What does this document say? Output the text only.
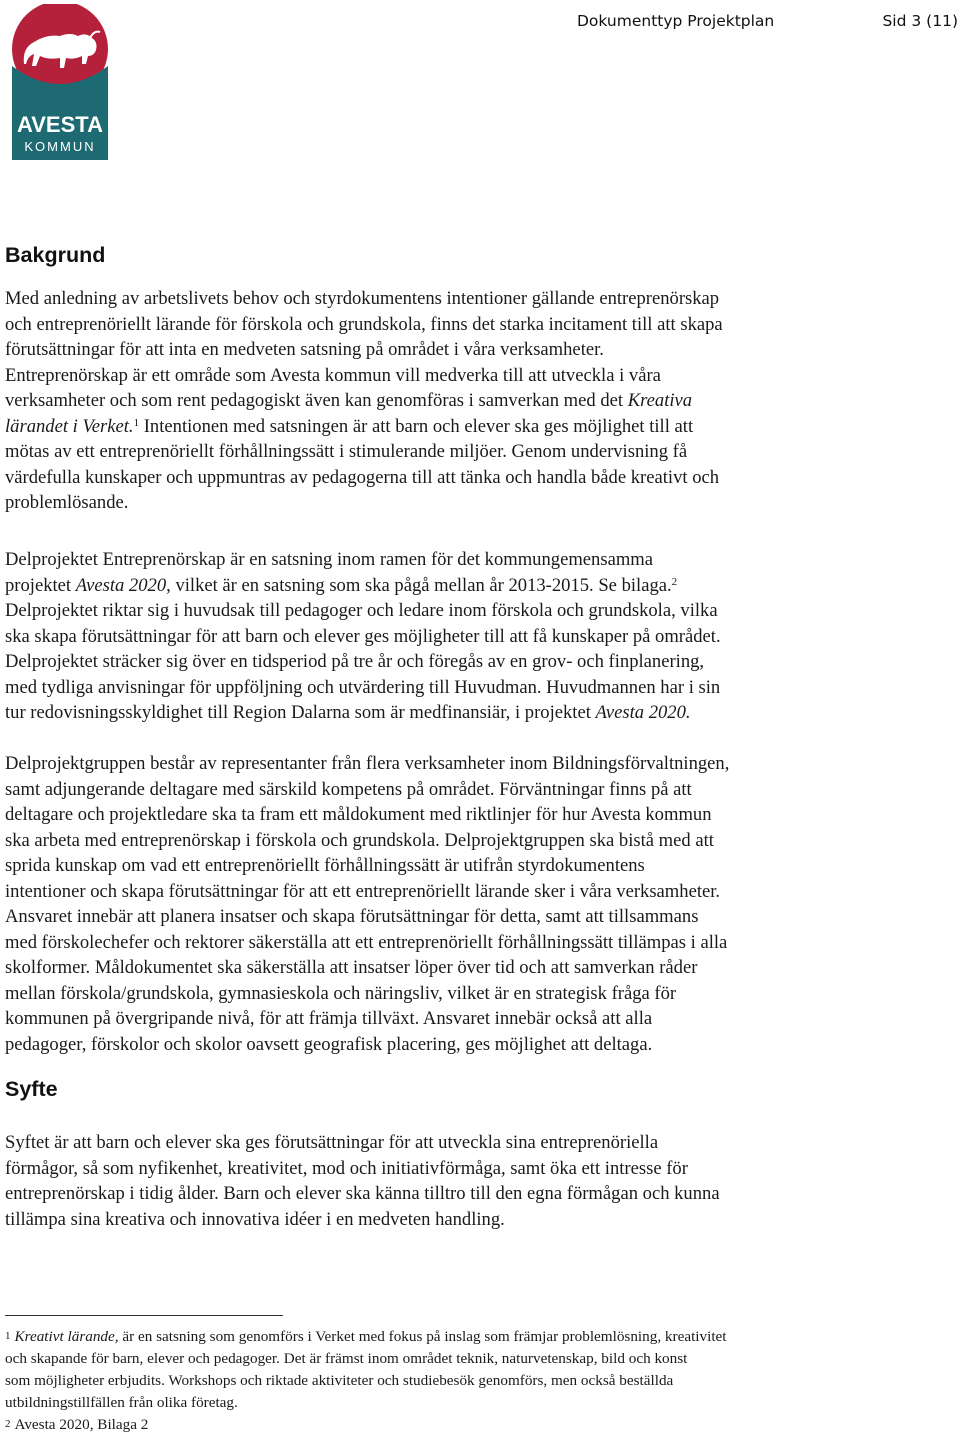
AVESTA
KOMMUN
Dokumenttyp Projektplan	Sid 3 (11)
Bakgrund
Med anledning av arbetslivets behov och styrdokumentens intentioner gällande entreprenörskap
och entreprenöriellt lärande för förskola och grundskola, finns det starka incitament till att skapa
förutsättningar för att inta en medveten satsning på området i våra verksamheter.
Entreprenörskap är ett område som Avesta kommun vill medverka till att utveckla i våra
verksamheter och som rent pedagogiskt även kan genomföras i samverkan med det Kreativa
lärandet i Verket.$^1$ Intentionen med satsningen är att barn och elever ska ges möjlighet till att
mötas av ett entreprenöriellt förhållningssätt i stimulerande miljöer. Genom undervisning få
värdefulla kunskaper och uppmuntras av pedagogerna till att tänka och handla både kreativt och
problemlösande.
Delprojektet Entreprenörskap är en satsning inom ramen för det kommungemensamma
projektet Avesta 2020, vilket är en satsning som ska pågå mellan år 2013-2015. Se bilaga.$^2$
Delprojektet riktar sig i huvudsak till pedagoger och ledare inom förskola och grundskola, vilka
ska skapa förutsättningar för att barn och elever ges möjligheter till att få kunskaper på området.
Delprojektet sträcker sig över en tidsperiod på tre år och föregås av en grov- och finplanering,
med tydliga anvisningar för uppföljning och utvärdering till Huvudman. Huvudmannen har i sin
tur redovisningsskyldighet till Region Dalarna som är medfinansiär, i projektet Avesta 2020.
Delprojektgruppen består av representanter från flera verksamheter inom Bildningsförvaltningen,
samt adjungerande deltagare med särskild kompetens på området. Förväntningar finns på att
deltagare och projektledare ska ta fram ett måldokument med riktlinjer för hur Avesta kommun
ska arbeta med entreprenörskap i förskola och grundskola. Delprojektgruppen ska bistå med att
sprida kunskap om vad ett entreprenöriellt förhållningssätt är utifrån styrdokumentens
intentioner och skapa förutsättningar för att ett entreprenöriellt lärande sker i våra verksamheter.
Ansvaret innebär att planera insatser och skapa förutsättningar för detta, samt att tillsammans
med förskolechefer och rektorer säkerställa att ett entreprenöriellt förhållningssätt tillämpas i alla
skolformer. Måldokumentet ska säkerställa att insatser löper över tid och att samverkan råder
mellan förskola/grundskola, gymnasieskola och näringsliv, vilket är en strategisk fråga för
kommunen på övergripande nivå, för att främja tillväxt. Ansvaret innebär också att alla
pedagoger, förskolor och skolor oavsett geografisk placering, ges möjlighet att deltaga.
Syfte
Syftet är att barn och elever ska ges förutsättningar för att utveckla sina entreprenöriella
förmågor, så som nyfikenhet, kreativitet, mod och initiativförmåga, samt öka ett intresse för
entreprenörskap i tidig ålder. Barn och elever ska känna tilltro till den egna förmågan och kunna
tillämpa sina kreativa och innovativa idéer i en medveten handling.
1 Kreativt lärande, är en satsning som genomförs i Verket med fokus på inslag som främjar problemlösning, kreativitet
och skapande för barn, elever och pedagoger. Det är främst inom området teknik, naturvetenskap, bild och konst
som möjligheter erbjudits. Workshops och riktade aktiviteter och studiebesök genomförs, men också beställda
utbildningstillfällen från olika företag.
2 Avesta 2020, Bilaga 2
